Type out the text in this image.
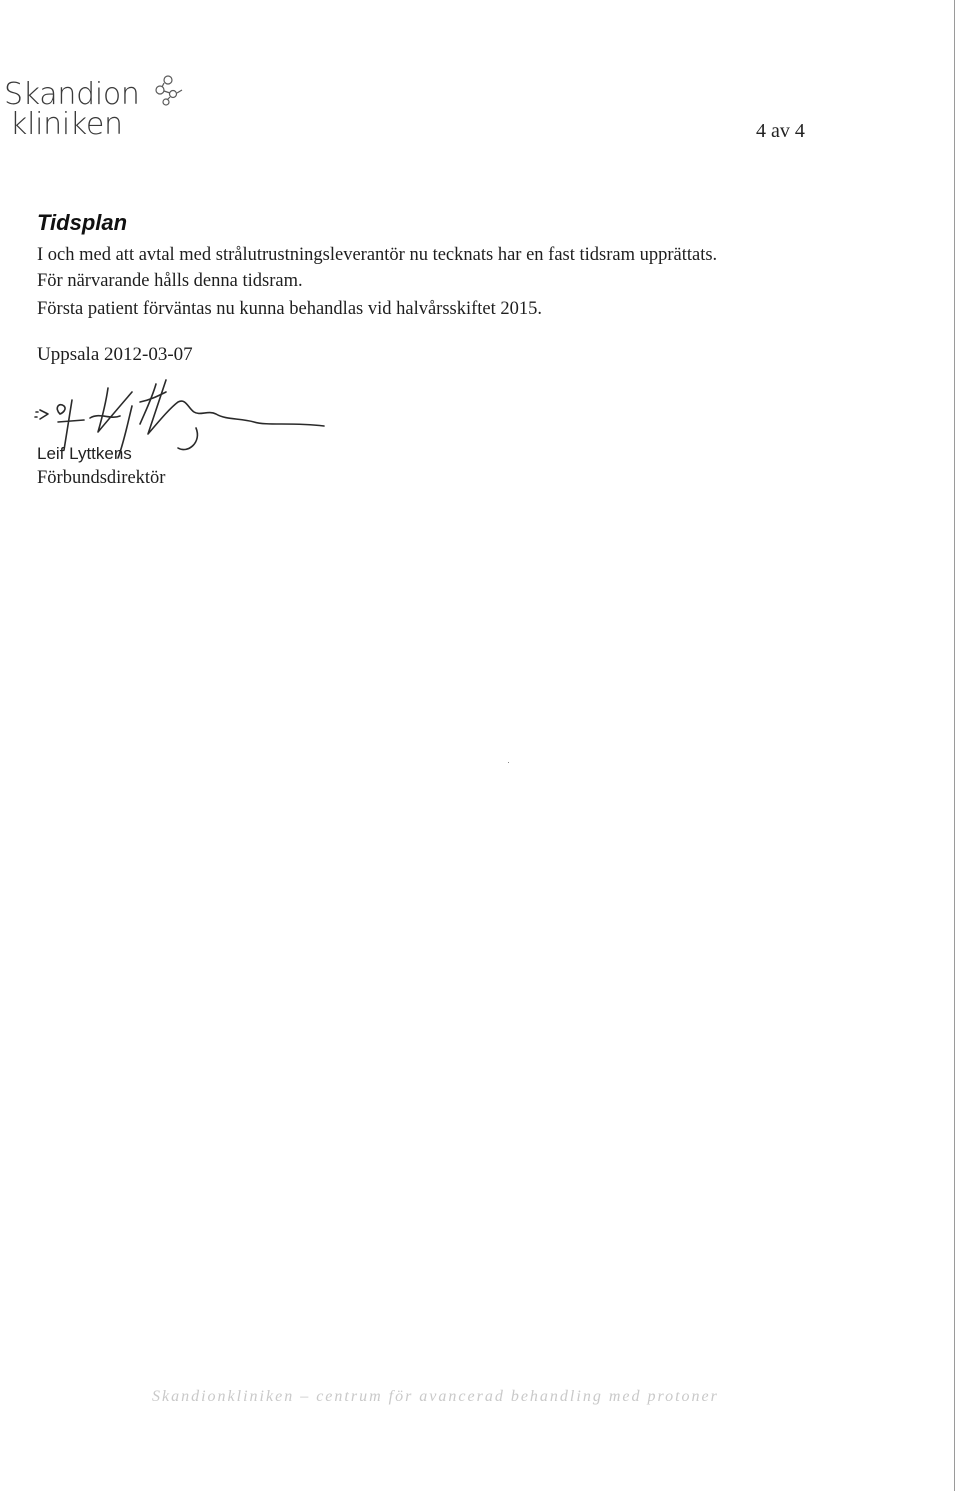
Skandion
kliniken	4 av 4
Tidsplan
I och med att avtal med strålutrustningsleverantör nu tecknats har en fast tidsram upprättats.
För närvarande hålls denna tidsram.
Första patient förväntas nu kunna behandlas vid halvårsskiftet 2015.
Uppsala 2012-03-07
Leif Lyttkens
Förbundsdirektör
Skandionkliniken – centrum för avancerad behandling med protoner
